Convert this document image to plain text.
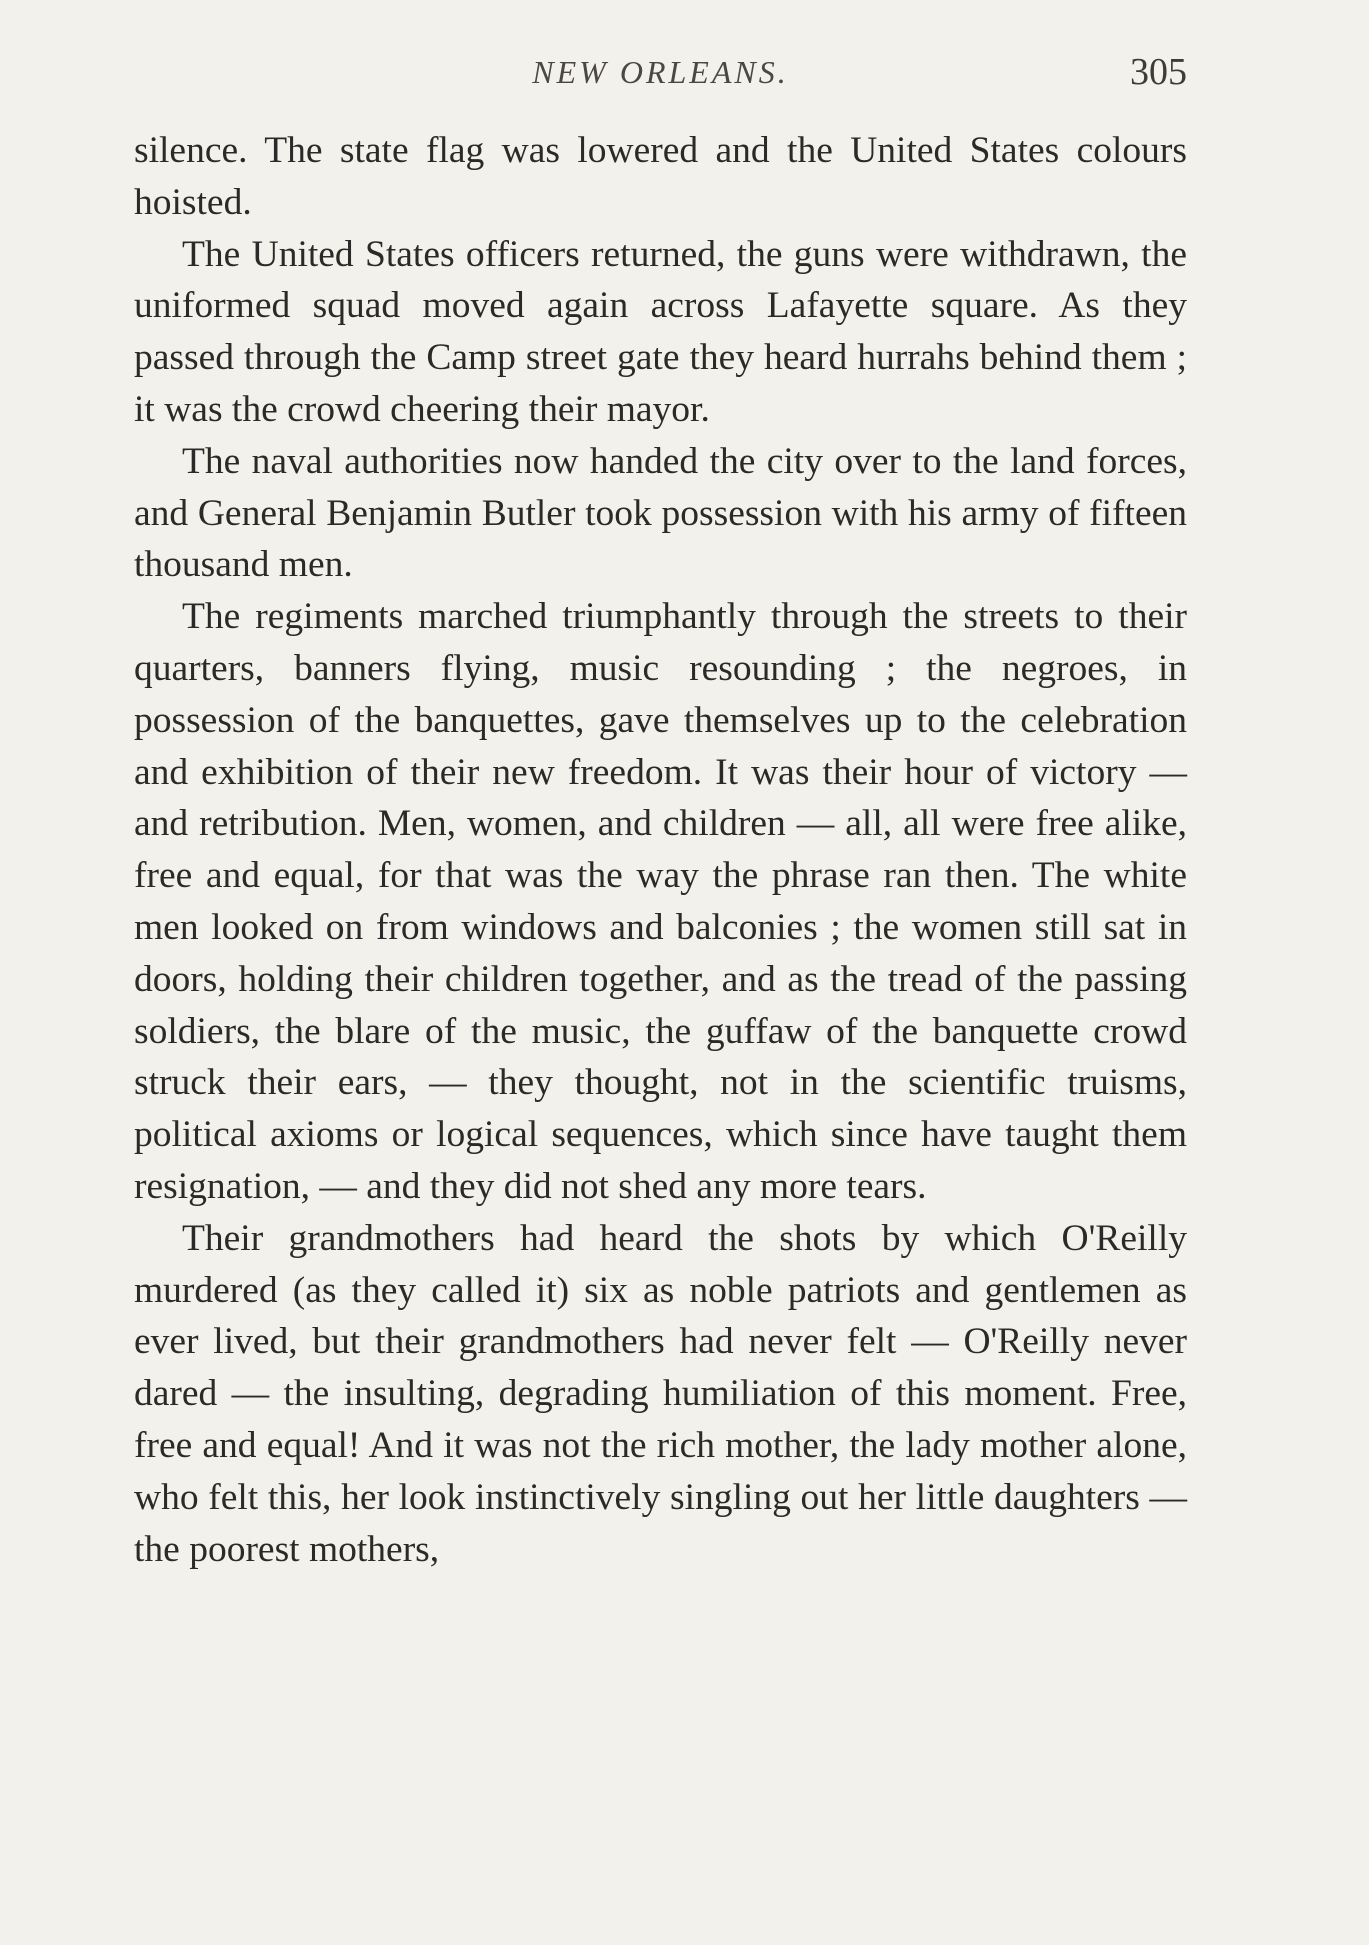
NEW ORLEANS.	305

silence. The state flag was lowered and the United States colours hoisted.

The United States officers returned, the guns were withdrawn, the uniformed squad moved again across Lafayette square. As they passed through the Camp street gate they heard hurrahs behind them ; it was the crowd cheering their mayor.

The naval authorities now handed the city over to the land forces, and General Benjamin Butler took possession with his army of fifteen thousand men.

The regiments marched triumphantly through the streets to their quarters, banners flying, music resounding ; the negroes, in possession of the banquettes, gave themselves up to the celebration and exhibition of their new freedom. It was their hour of victory — and retribution. Men, women, and children — all, all were free alike, free and equal, for that was the way the phrase ran then. The white men looked on from windows and balconies ; the women still sat in doors, holding their children together, and as the tread of the passing soldiers, the blare of the music, the guffaw of the banquette crowd struck their ears, — they thought, not in the scientific truisms, political axioms or logical sequences, which since have taught them resignation, — and they did not shed any more tears.

Their grandmothers had heard the shots by which O'Reilly murdered (as they called it) six as noble patriots and gentlemen as ever lived, but their grandmothers had never felt — O'Reilly never dared — the insulting, degrading humiliation of this moment. Free, free and equal! And it was not the rich mother, the lady mother alone, who felt this, her look instinctively singling out her little daughters — the poorest mothers,
